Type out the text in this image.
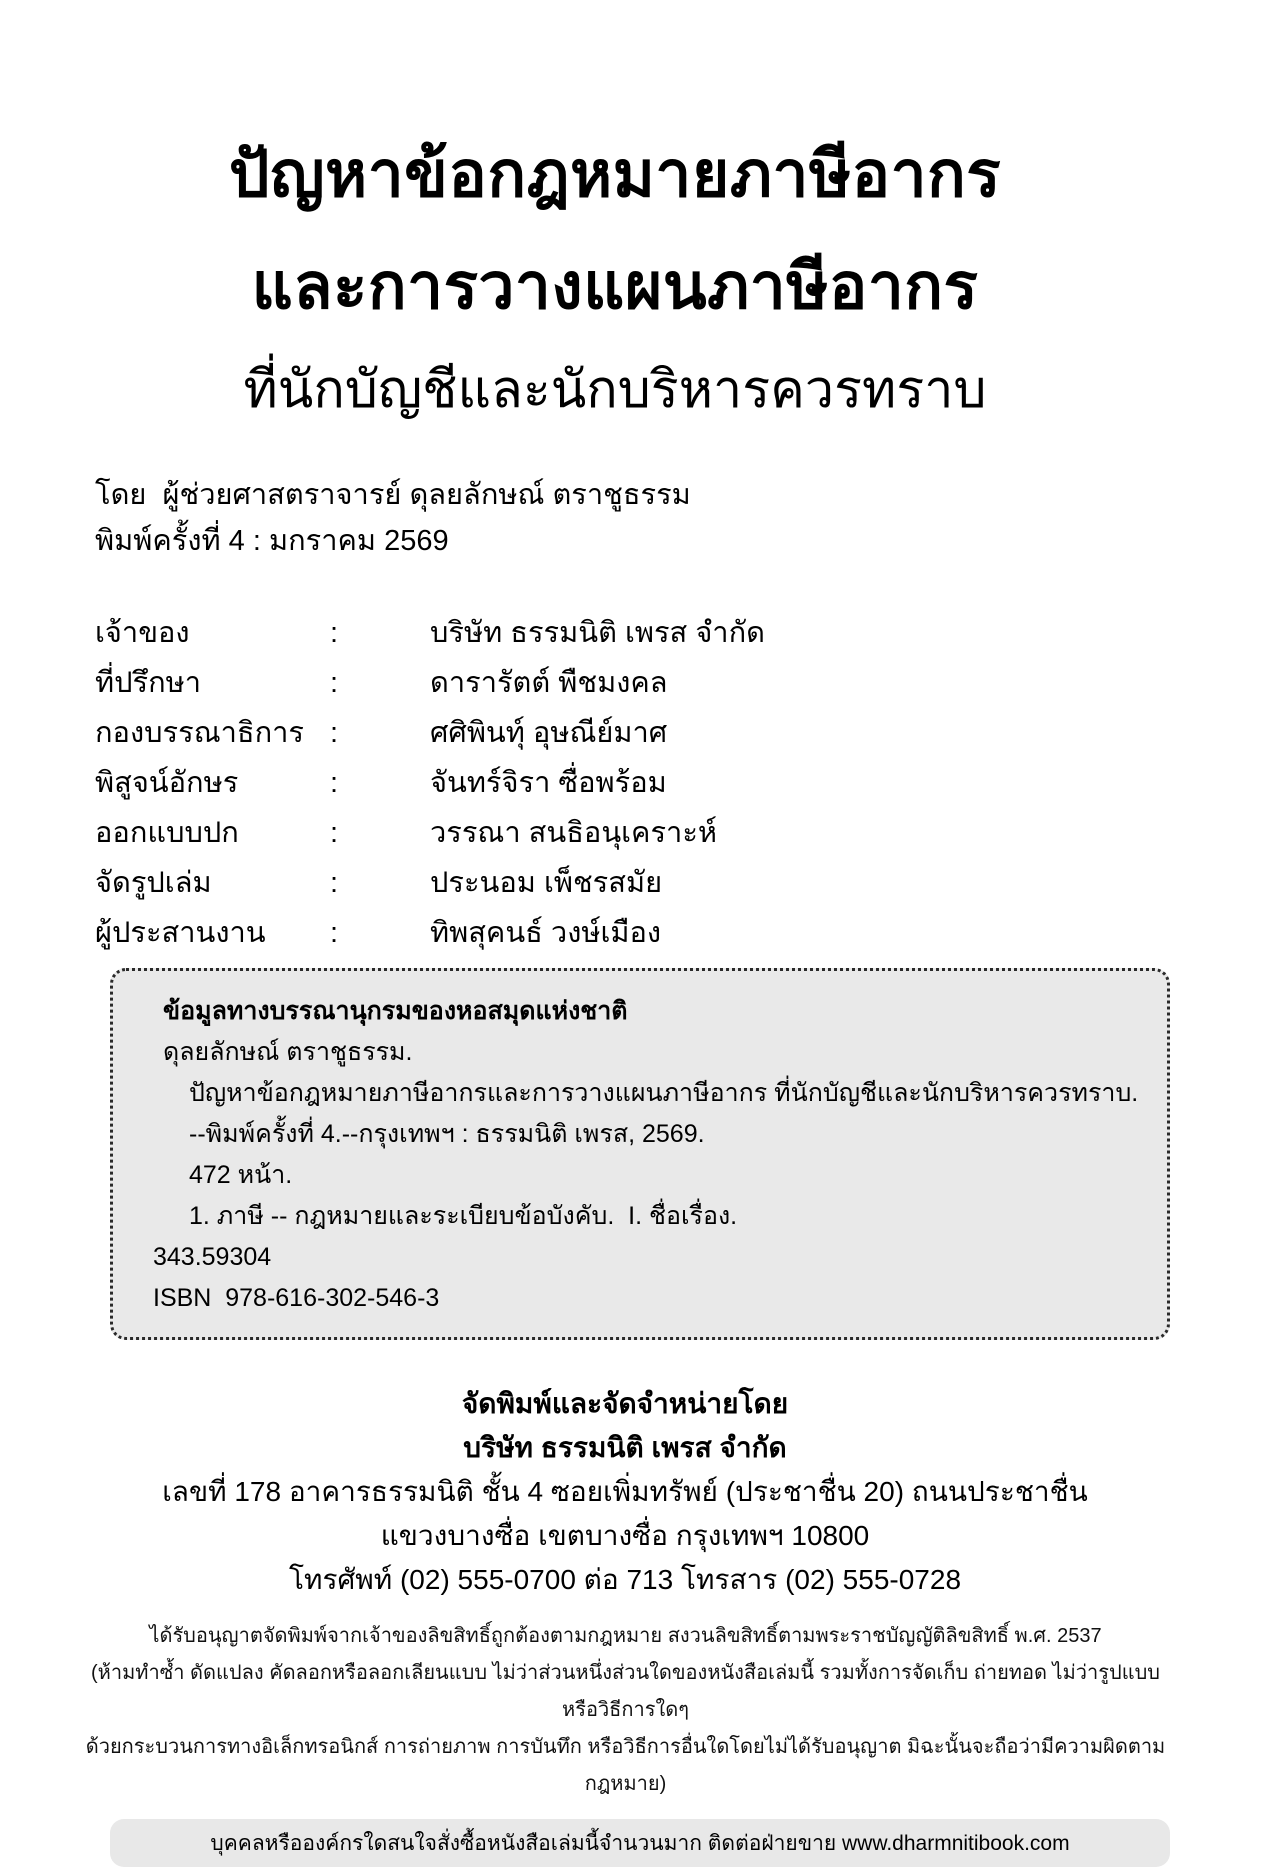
ปัญหาข้อกฎหมายภาษีอากร
และการวางแผนภาษีอากร
ที่นักบัญชีและนักบริหารควรทราบ
โดย  ผู้ช่วยศาสตราจารย์ ดุลยลักษณ์ ตราชูธรรม
พิมพ์ครั้งที่ 4 : มกราคม 2569
เจ้าของ	:	บริษัท ธรรมนิติ เพรส จำกัด
ที่ปรึกษา	:	ดารารัตต์ พืชมงคล
กองบรรณาธิการ :	ศศิพินทุ์ อุษณีย์มาศ
พิสูจน์อักษร	:	จันทร์จิรา ซื่อพร้อม
ออกแบบปก	:	วรรณา สนธิอนุเคราะห์
จัดรูปเล่ม	:	ประนอม เพ็ชรสมัย
ผู้ประสานงาน	:	ทิพสุคนธ์ วงษ์เมือง
ข้อมูลทางบรรณานุกรมของหอสมุดแห่งชาติ
ดุลยลักษณ์ ตราชูธรรม.
ปัญหาข้อกฎหมายภาษีอากรและการวางแผนภาษีอากร ที่นักบัญชีและนักบริหารควรทราบ.
--พิมพ์ครั้งที่ 4.--กรุงเทพฯ : ธรรมนิติ เพรส, 2569.
472 หน้า.
1. ภาษี -- กฎหมายและระเบียบข้อบังคับ.  I. ชื่อเรื่อง.
343.59304
ISBN  978-616-302-546-3
จัดพิมพ์และจัดจำหน่ายโดย
บริษัท ธรรมนิติ เพรส จำกัด
เลขที่ 178 อาคารธรรมนิติ ชั้น 4 ซอยเพิ่มทรัพย์ (ประชาชื่น 20) ถนนประชาชื่น
แขวงบางซื่อ เขตบางซื่อ กรุงเทพฯ 10800
โทรศัพท์ (02) 555-0700 ต่อ 713 โทรสาร (02) 555-0728
ได้รับอนุญาตจัดพิมพ์จากเจ้าของลิขสิทธิ์ถูกต้องตามกฎหมาย สงวนลิขสิทธิ์ตามพระราชบัญญัติลิขสิทธิ์ พ.ศ. 2537
(ห้ามทำซ้ำ ดัดแปลง คัดลอกหรือลอกเลียนแบบ ไม่ว่าส่วนหนึ่งส่วนใดของหนังสือเล่มนี้ รวมทั้งการจัดเก็บ ถ่ายทอด ไม่ว่ารูปแบบหรือวิธีการใดๆ
ด้วยกระบวนการทางอิเล็กทรอนิกส์ การถ่ายภาพ การบันทึก หรือวิธีการอื่นใดโดยไม่ได้รับอนุญาต มิฉะนั้นจะถือว่ามีความผิดตามกฎหมาย)
บุคคลหรือองค์กรใดสนใจสั่งซื้อหนังสือเล่มนี้จำนวนมาก ติดต่อฝ่ายขาย www.dharmnitibook.com
